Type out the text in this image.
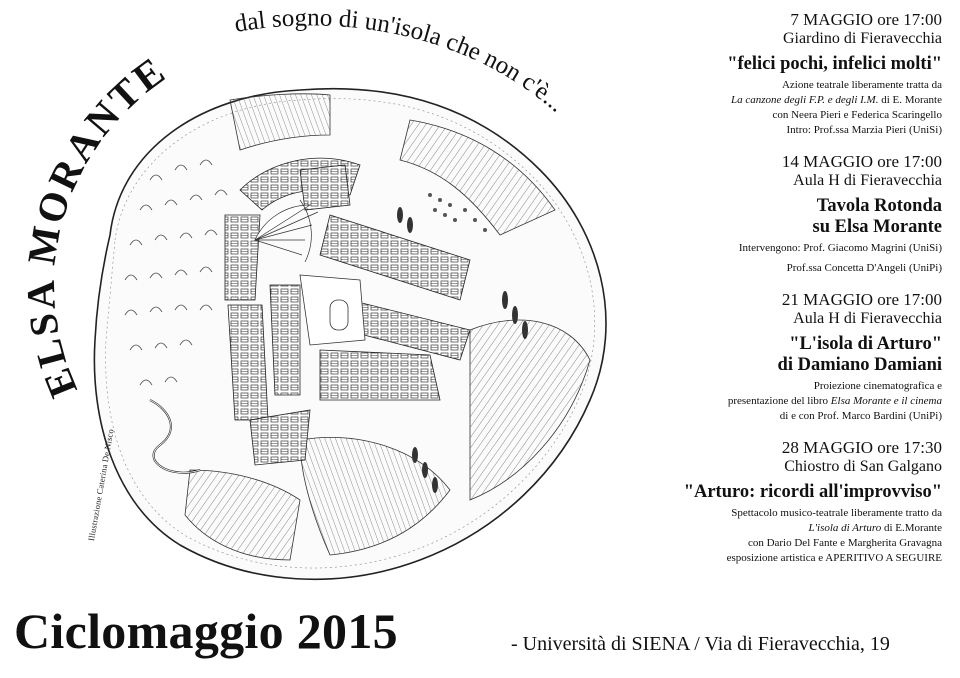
ELSA MORANTE
dal sogno di un'isola che non c'è...
Illustrazione Caterina De Nisco
7 MAGGIO ore 17:00
Giardino di Fieravecchia
"felici pochi, infelici molti"
Azione teatrale liberamente tratta da
La canzone degli F.P. e degli I.M. di E. Morante
con Neera Pieri e Federica Scaringello
Intro: Prof.ssa Marzia Pieri (UniSi)
14 MAGGIO ore 17:00
Aula H di Fieravecchia
Tavola Rotonda
su Elsa Morante
Intervengono: Prof. Giacomo Magrini (UniSi)
Prof.ssa Concetta D'Angeli (UniPi)
21 MAGGIO ore 17:00
Aula H di Fieravecchia
"L'isola di Arturo"
di Damiano Damiani
Proiezione cinematografica e
presentazione del libro Elsa Morante e il cinema
di e con Prof. Marco Bardini (UniPi)
28 MAGGIO ore 17:30
Chiostro di San Galgano
"Arturo: ricordi all'improvviso"
Spettacolo musico-teatrale liberamente tratto da
L'isola di Arturo di E.Morante
con Dario Del Fante e Margherita Gravagna
esposizione artistica e APERITIVO A SEGUIRE
Ciclomaggio 2015	- Università di SIENA / Via di Fieravecchia, 19
